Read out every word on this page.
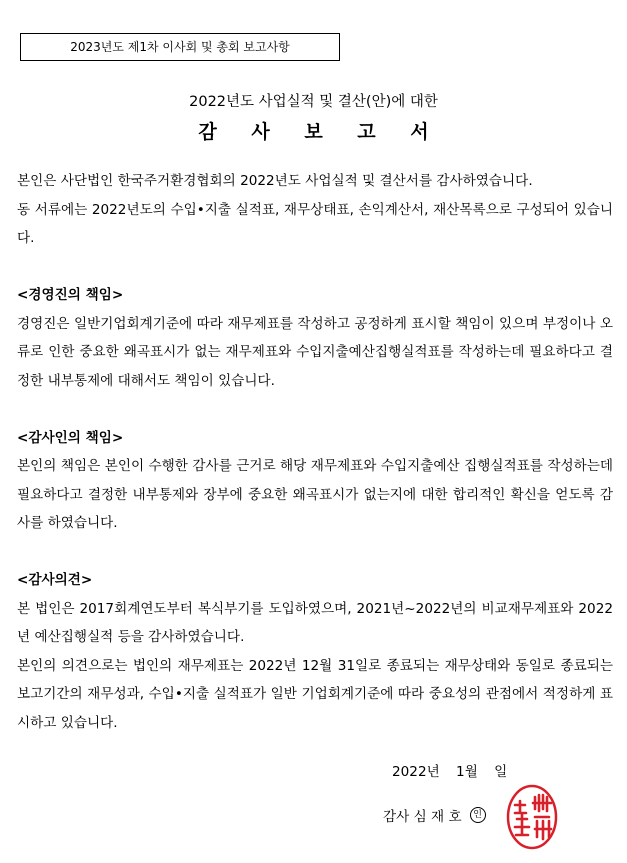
2023년도 제1차 이사회 및 총회 보고사항
2022년도 사업실적 및 결산(안)에 대한
감 사 보 고 서

본인은 사단법인 한국주거환경협회의 2022년도 사업실적 및 결산서를 감사하였습니다.

동 서류에는 2022년도의 수입•지출 실적표, 재무상태표, 손익계산서, 재산목록으로 구성되어 있습니다.

<경영진의 책임>

경영진은 일반기업회계기준에 따라 재무제표를 작성하고 공정하게 표시할 책임이 있으며 부정이나 오류로 인한 중요한 왜곡표시가 없는 재무제표와 수입지출예산집행실적표를 작성하는데 필요하다고 결정한 내부통제에 대해서도 책임이 있습니다.

<감사인의 책임>

본인의 책임은 본인이 수행한 감사를 근거로 해당 재무제표와 수입지출예산 집행실적표를 작성하는데 필요하다고 결정한 내부통제와 장부에 중요한 왜곡표시가 없는지에 대한 합리적인 확신을 얻도록 감사를 하였습니다.

<감사의견>

본 법인은 2017회계연도부터 복식부기를 도입하였으며, 2021년~2022년의 비교재무제표와 2022년 예산집행실적 등을 감사하였습니다.

본인의 의견으로는 법인의 재무제표는 2022년 12월 31일로 종료되는 재무상태와 동일로 종료되는 보고기간의 재무성과, 수입•지출 실적표가 일반 기업회계기준에 따라 중요성의 관점에서 적정하게 표시하고 있습니다.

2022년 1월 일
감사 심 재 호	인
